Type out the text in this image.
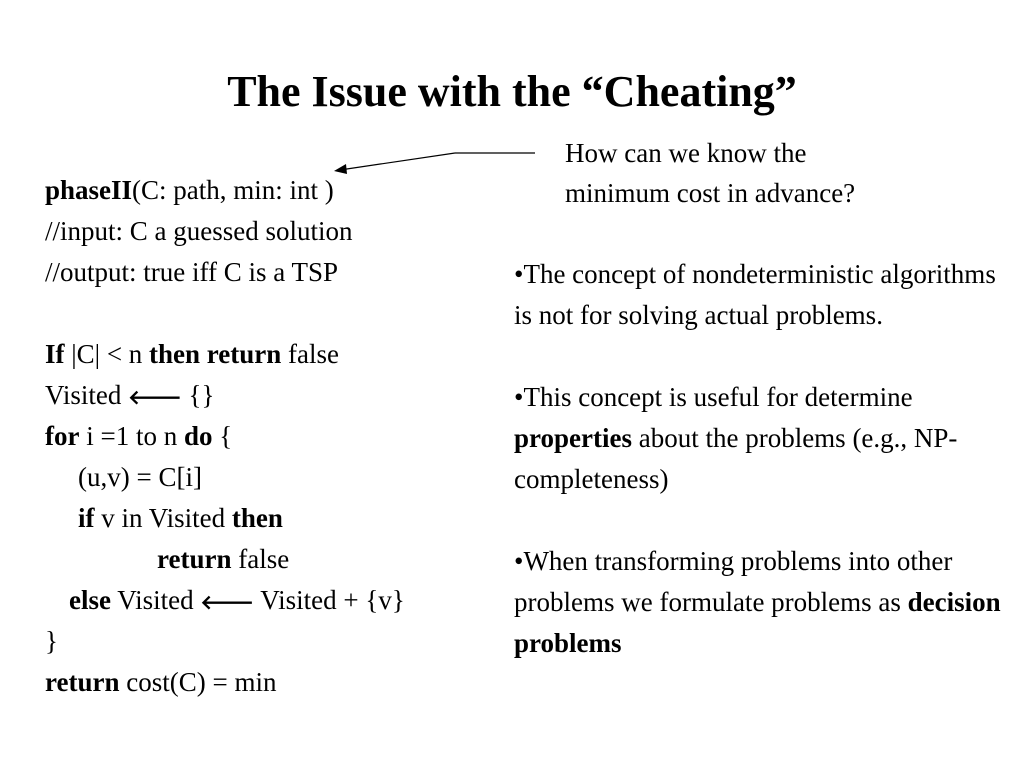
The Issue with the “Cheating”
How can we know the
minimum cost in advance?
phaseII(C: path, min: int )
//input: C a guessed solution
//output: true iff C is a TSP
If |C| < n then return false
Visited 🡐 {}
for i =1 to n do {
(u,v) = C[i]
if v in Visited then
return false
else Visited 🡐 Visited + {v}
}
return cost(C) = min
•The concept of nondeterministic algorithms is not for solving actual problems.
•This concept is useful for determine properties about the problems (e.g., NP-completeness)
•When transforming problems into other problems we formulate problems as decision problems
